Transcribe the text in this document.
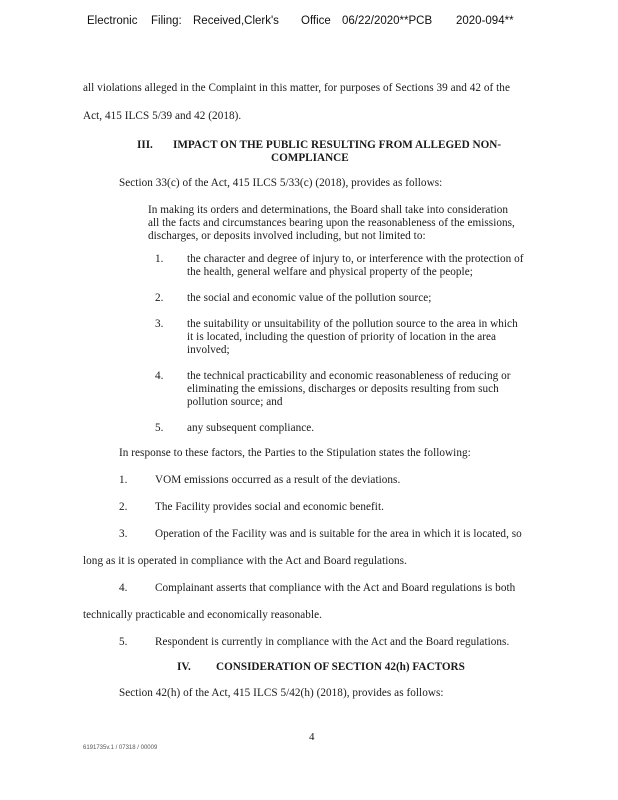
Electronic Filing: Received,Clerk's Office 06/22/2020**PCB 2020-094**
all violations alleged in the Complaint in this matter, for purposes of Sections 39 and 42 of the
Act, 415 ILCS 5/39 and 42 (2018).
III. IMPACT ON THE PUBLIC RESULTING FROM ALLEGED NON-
COMPLIANCE
Section 33(c) of the Act, 415 ILCS 5/33(c) (2018), provides as follows:
In making its orders and determinations, the Board shall take into consideration
all the facts and circumstances bearing upon the reasonableness of the emissions,
discharges, or deposits involved including, but not limited to:
1. the character and degree of injury to, or interference with the protection of
the health, general welfare and physical property of the people;
2. the social and economic value of the pollution source;
3. the suitability or unsuitability of the pollution source to the area in which
it is located, including the question of priority of location in the area
involved;
4. the technical practicability and economic reasonableness of reducing or
eliminating the emissions, discharges or deposits resulting from such
pollution source; and
5. any subsequent compliance.
In response to these factors, the Parties to the Stipulation states the following:
1. VOM emissions occurred as a result of the deviations.
2. The Facility provides social and economic benefit.
3. Operation of the Facility was and is suitable for the area in which it is located, so
long as it is operated in compliance with the Act and Board regulations.
4. Complainant asserts that compliance with the Act and Board regulations is both
technically practicable and economically reasonable.
5. Respondent is currently in compliance with the Act and the Board regulations.
IV. CONSIDERATION OF SECTION 42(h) FACTORS
Section 42(h) of the Act, 415 ILCS 5/42(h) (2018), provides as follows:
4
6191735v.1 / 07318 / 00009
